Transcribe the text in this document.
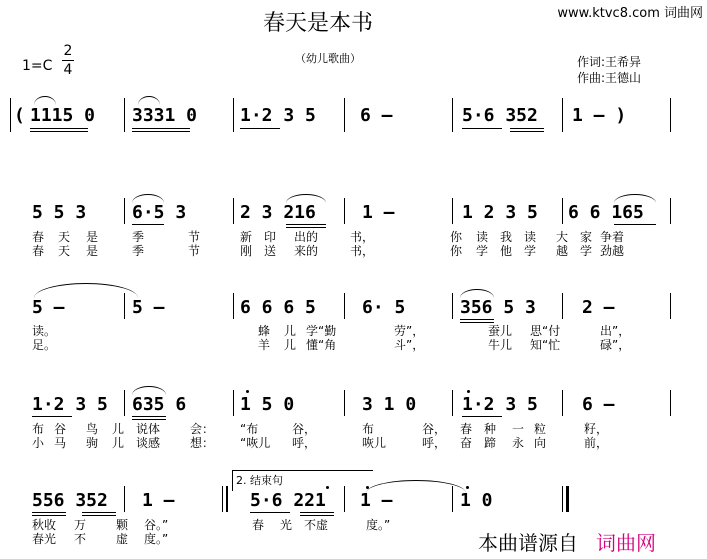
春天是本书	www.ktvc8.com 词曲网
（幼儿歌曲）	作词:王希异
作曲:王德山
1=C
2
4
( 1115 0 3331 0 1·2 3 5 6 –	5·6 352 1 – )
5 5 3	6·5 3	2 3 216	1 –	1 2 3 5 6 6 165
春 天 是	季	节	新 印 出的	书，	你 读 我 读 大 家 争着
春 天 是	季	节	刚 送 来的	书，	你 学 他 学 越 学 劲越
5 –	5 –	6 6 6 5	6· 5	356 5 3	2 –
读。	蜂 儿 学“勤	劳”，	蚕儿 思“付	出”，
足。	羊 儿 懂“角	斗”，	牛儿 知“忙	碌”，
1·2 3 5 635 6	1 5 0	3 1 0	1·2 3 5 6 –
布 谷 鸟 儿 说体 会： “布	谷，	布	谷， 春 种 一 粒	籽，
小 马 驹 儿 谈感 想： “咴儿 呼，	咴儿	呼， 奋 蹄 永 向	前，
2. 结束句
556 352 1 –	5·6 221 1 –	1 0
秋收 万 颗 谷。”	春 光 不虚	度。”
春光 不 虚 度。”	本曲谱源自 词曲网
